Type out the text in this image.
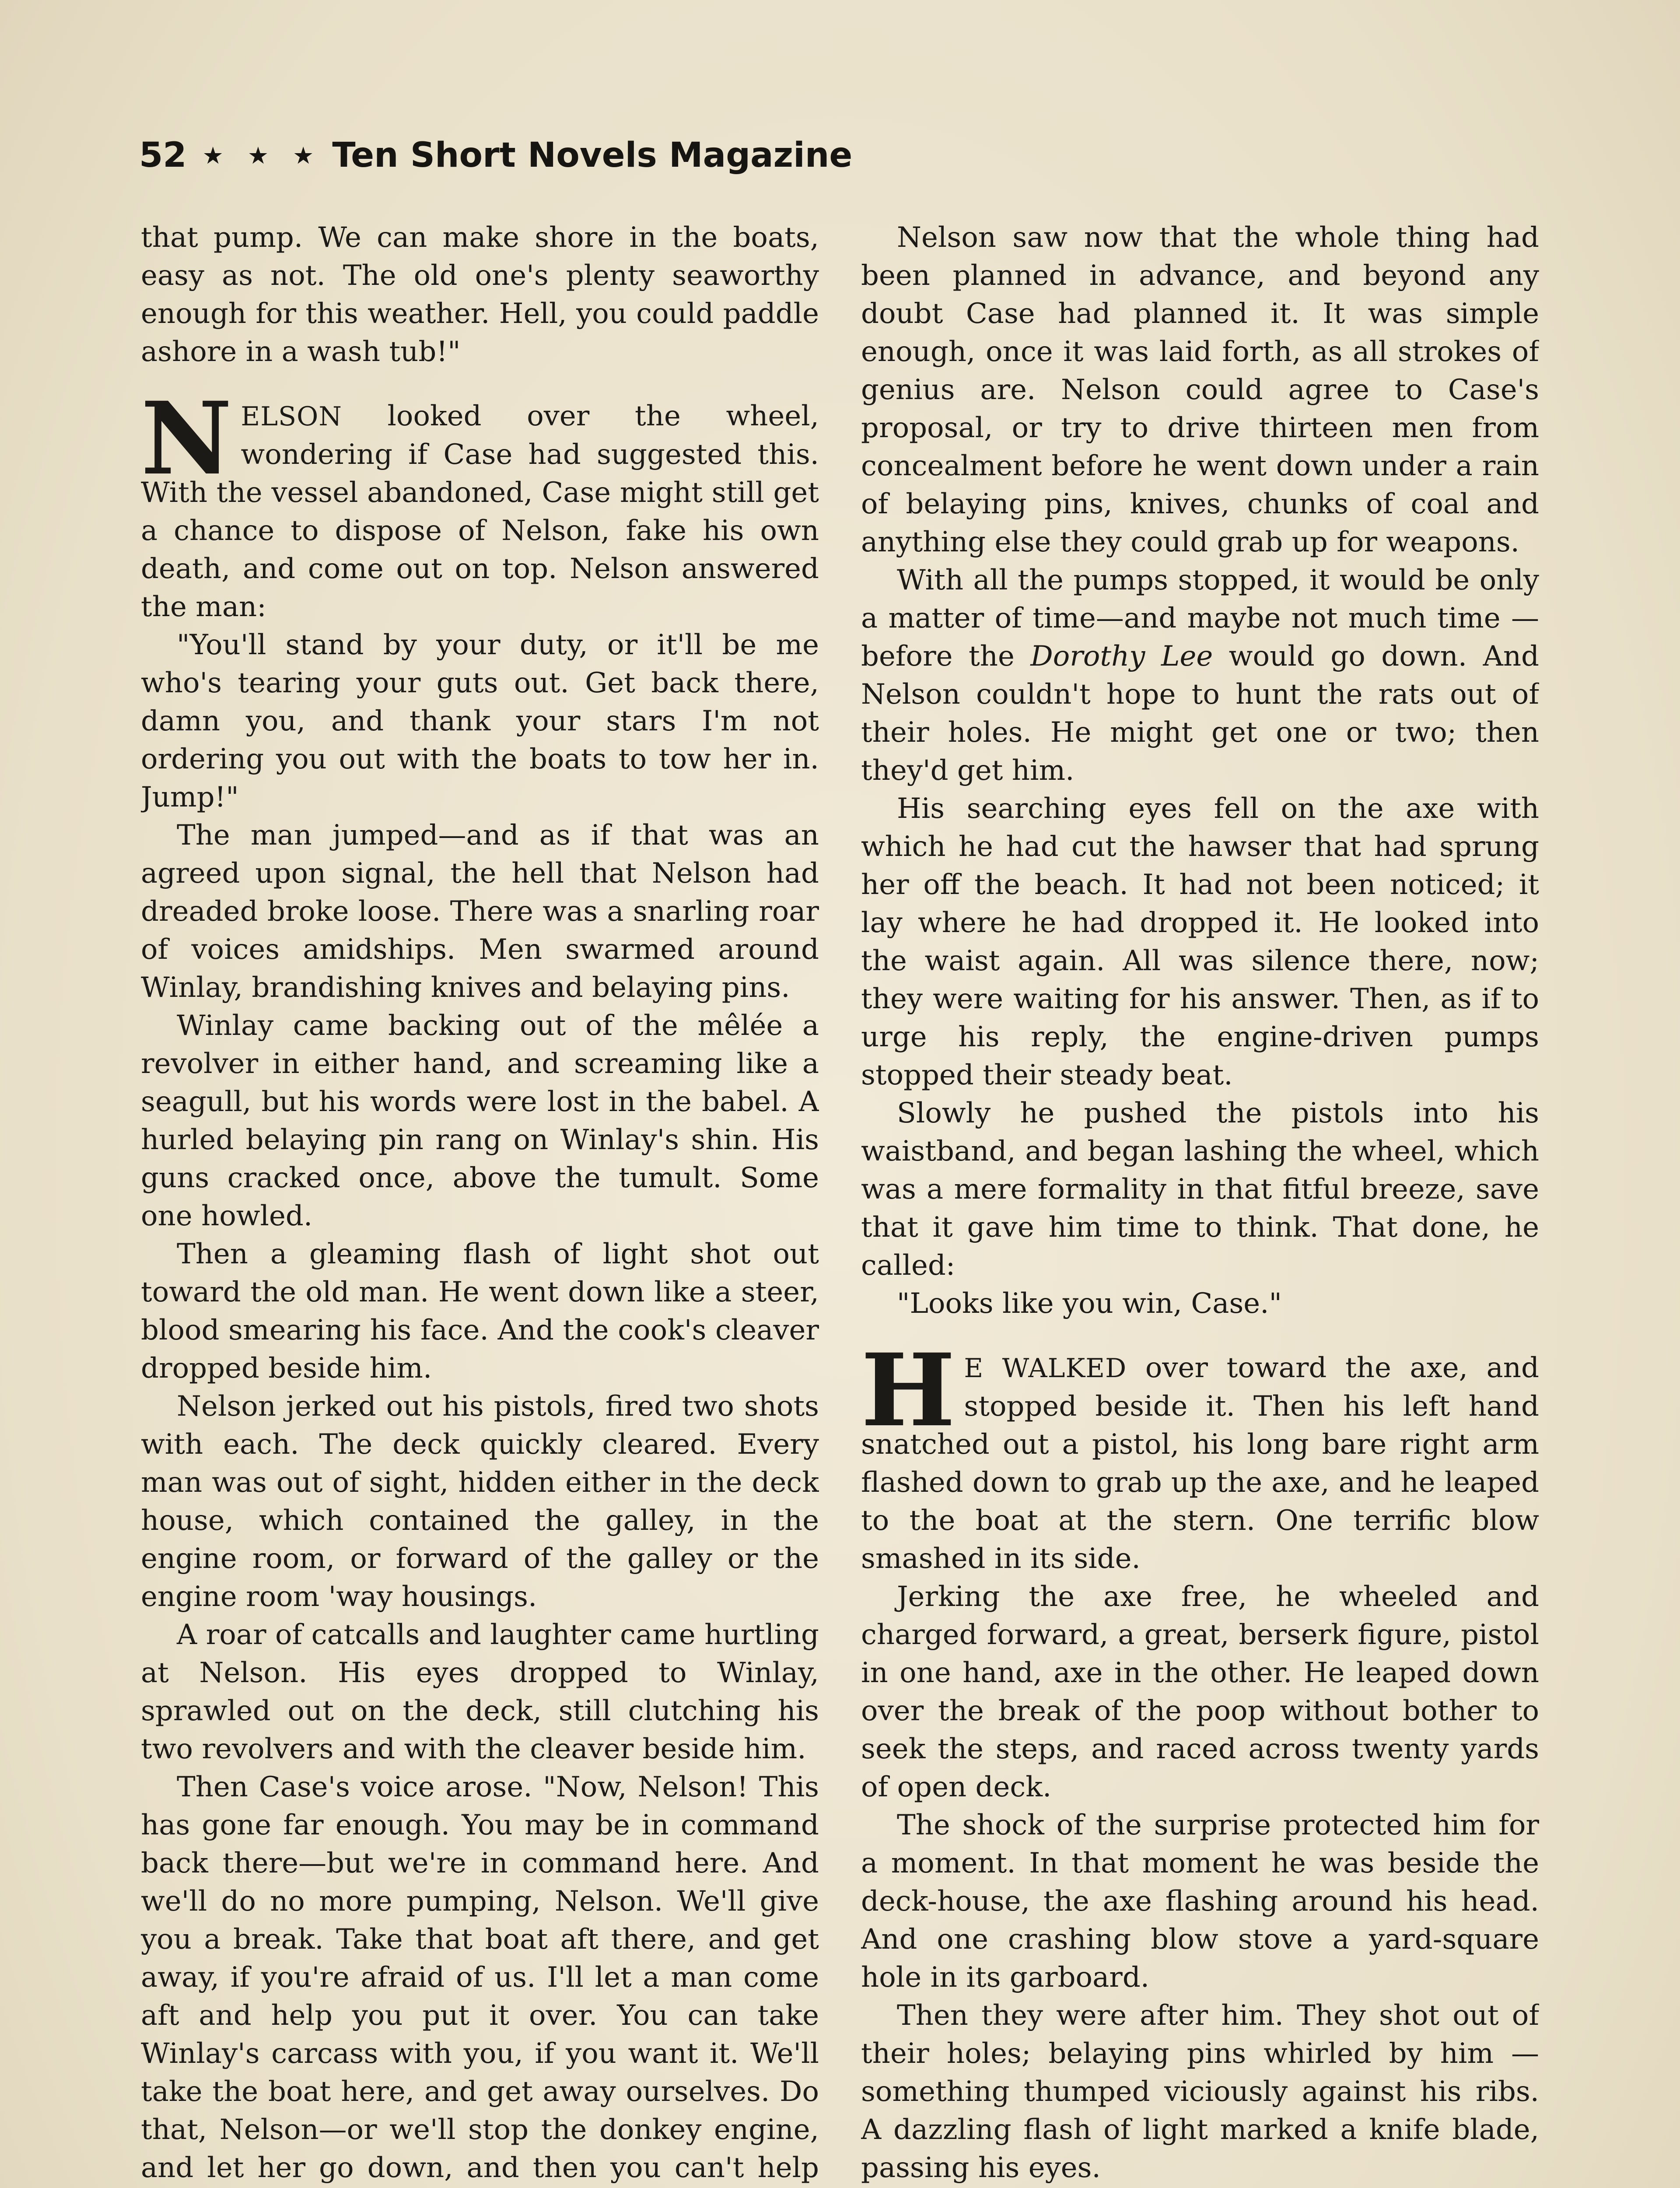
52 ★ ★ ★ Ten Short Novels Magazine

that pump. We can make shore in the boats, easy as not. The old one's plenty seaworthy enough for this weather. Hell, you could paddle ashore in a wash tub!"

NELSON looked over the wheel, wondering if Case had suggested this. With the vessel abandoned, Case might still get a chance to dispose of Nelson, fake his own death, and come out on top. Nelson answered the man:

"You'll stand by your duty, or it'll be me who's tearing your guts out. Get back there, damn you, and thank your stars I'm not ordering you out with the boats to tow her in. Jump!"

The man jumped—and as if that was an agreed upon signal, the hell that Nelson had dreaded broke loose. There was a snarling roar of voices amidships. Men swarmed around Winlay, brandishing knives and belaying pins.

Winlay came backing out of the mêlée a revolver in either hand, and screaming like a seagull, but his words were lost in the babel. A hurled belaying pin rang on Winlay's shin. His guns cracked once, above the tumult. Some one howled.

Then a gleaming flash of light shot out toward the old man. He went down like a steer, blood smearing his face. And the cook's cleaver dropped beside him.

Nelson jerked out his pistols, fired two shots with each. The deck quickly cleared. Every man was out of sight, hidden either in the deck house, which contained the galley, in the engine room, or forward of the galley or the engine room 'way housings.

A roar of catcalls and laughter came hurtling at Nelson. His eyes dropped to Winlay, sprawled out on the deck, still clutching his two revolvers and with the cleaver beside him.

Then Case's voice arose. "Now, Nelson! This has gone far enough. You may be in command back there—but we're in command here. And we'll do no more pumping, Nelson. We'll give you a break. Take that boat aft there, and get away, if you're afraid of us. I'll let a man come aft and help you put it over. You can take Winlay's carcass with you, if you want it. We'll take the boat here, and get away ourselves. Do that, Nelson—or we'll stop the donkey engine, and let her go down, and then you can't help

Nelson saw now that the whole thing had been planned in advance, and beyond any doubt Case had planned it. It was simple enough, once it was laid forth, as all strokes of genius are. Nelson could agree to Case's proposal, or try to drive thirteen men from concealment before he went down under a rain of belaying pins, knives, chunks of coal and anything else they could grab up for weapons.

With all the pumps stopped, it would be only a matter of time—and maybe not much time — before the Dorothy Lee would go down. And Nelson couldn't hope to hunt the rats out of their holes. He might get one or two; then they'd get him.

His searching eyes fell on the axe with which he had cut the hawser that had sprung her off the beach. It had not been noticed; it lay where he had dropped it. He looked into the waist again. All was silence there, now; they were waiting for his answer. Then, as if to urge his reply, the engine-driven pumps stopped their steady beat.

Slowly he pushed the pistols into his waistband, and began lashing the wheel, which was a mere formality in that fitful breeze, save that it gave him time to think. That done, he called:

"Looks like you win, Case."

H E WALKED over toward the axe, and stopped beside it. Then his left hand snatched out a pistol, his long bare right arm flashed down to grab up the axe, and he leaped to the boat at the stern. One terrific blow smashed in its side.

Jerking the axe free, he wheeled and charged forward, a great, berserk figure, pistol in one hand, axe in the other. He leaped down over the break of the poop without bother to seek the steps, and raced across twenty yards of open deck.

The shock of the surprise protected him for a moment. In that moment he was beside the deck-house, the axe flashing around his head. And one crashing blow stove a yard-square hole in its garboard.

Then they were after him. They shot out of their holes; belaying pins whirled by him — something thumped viciously against his ribs. A dazzling flash of light marked a knife blade, passing his eyes.
